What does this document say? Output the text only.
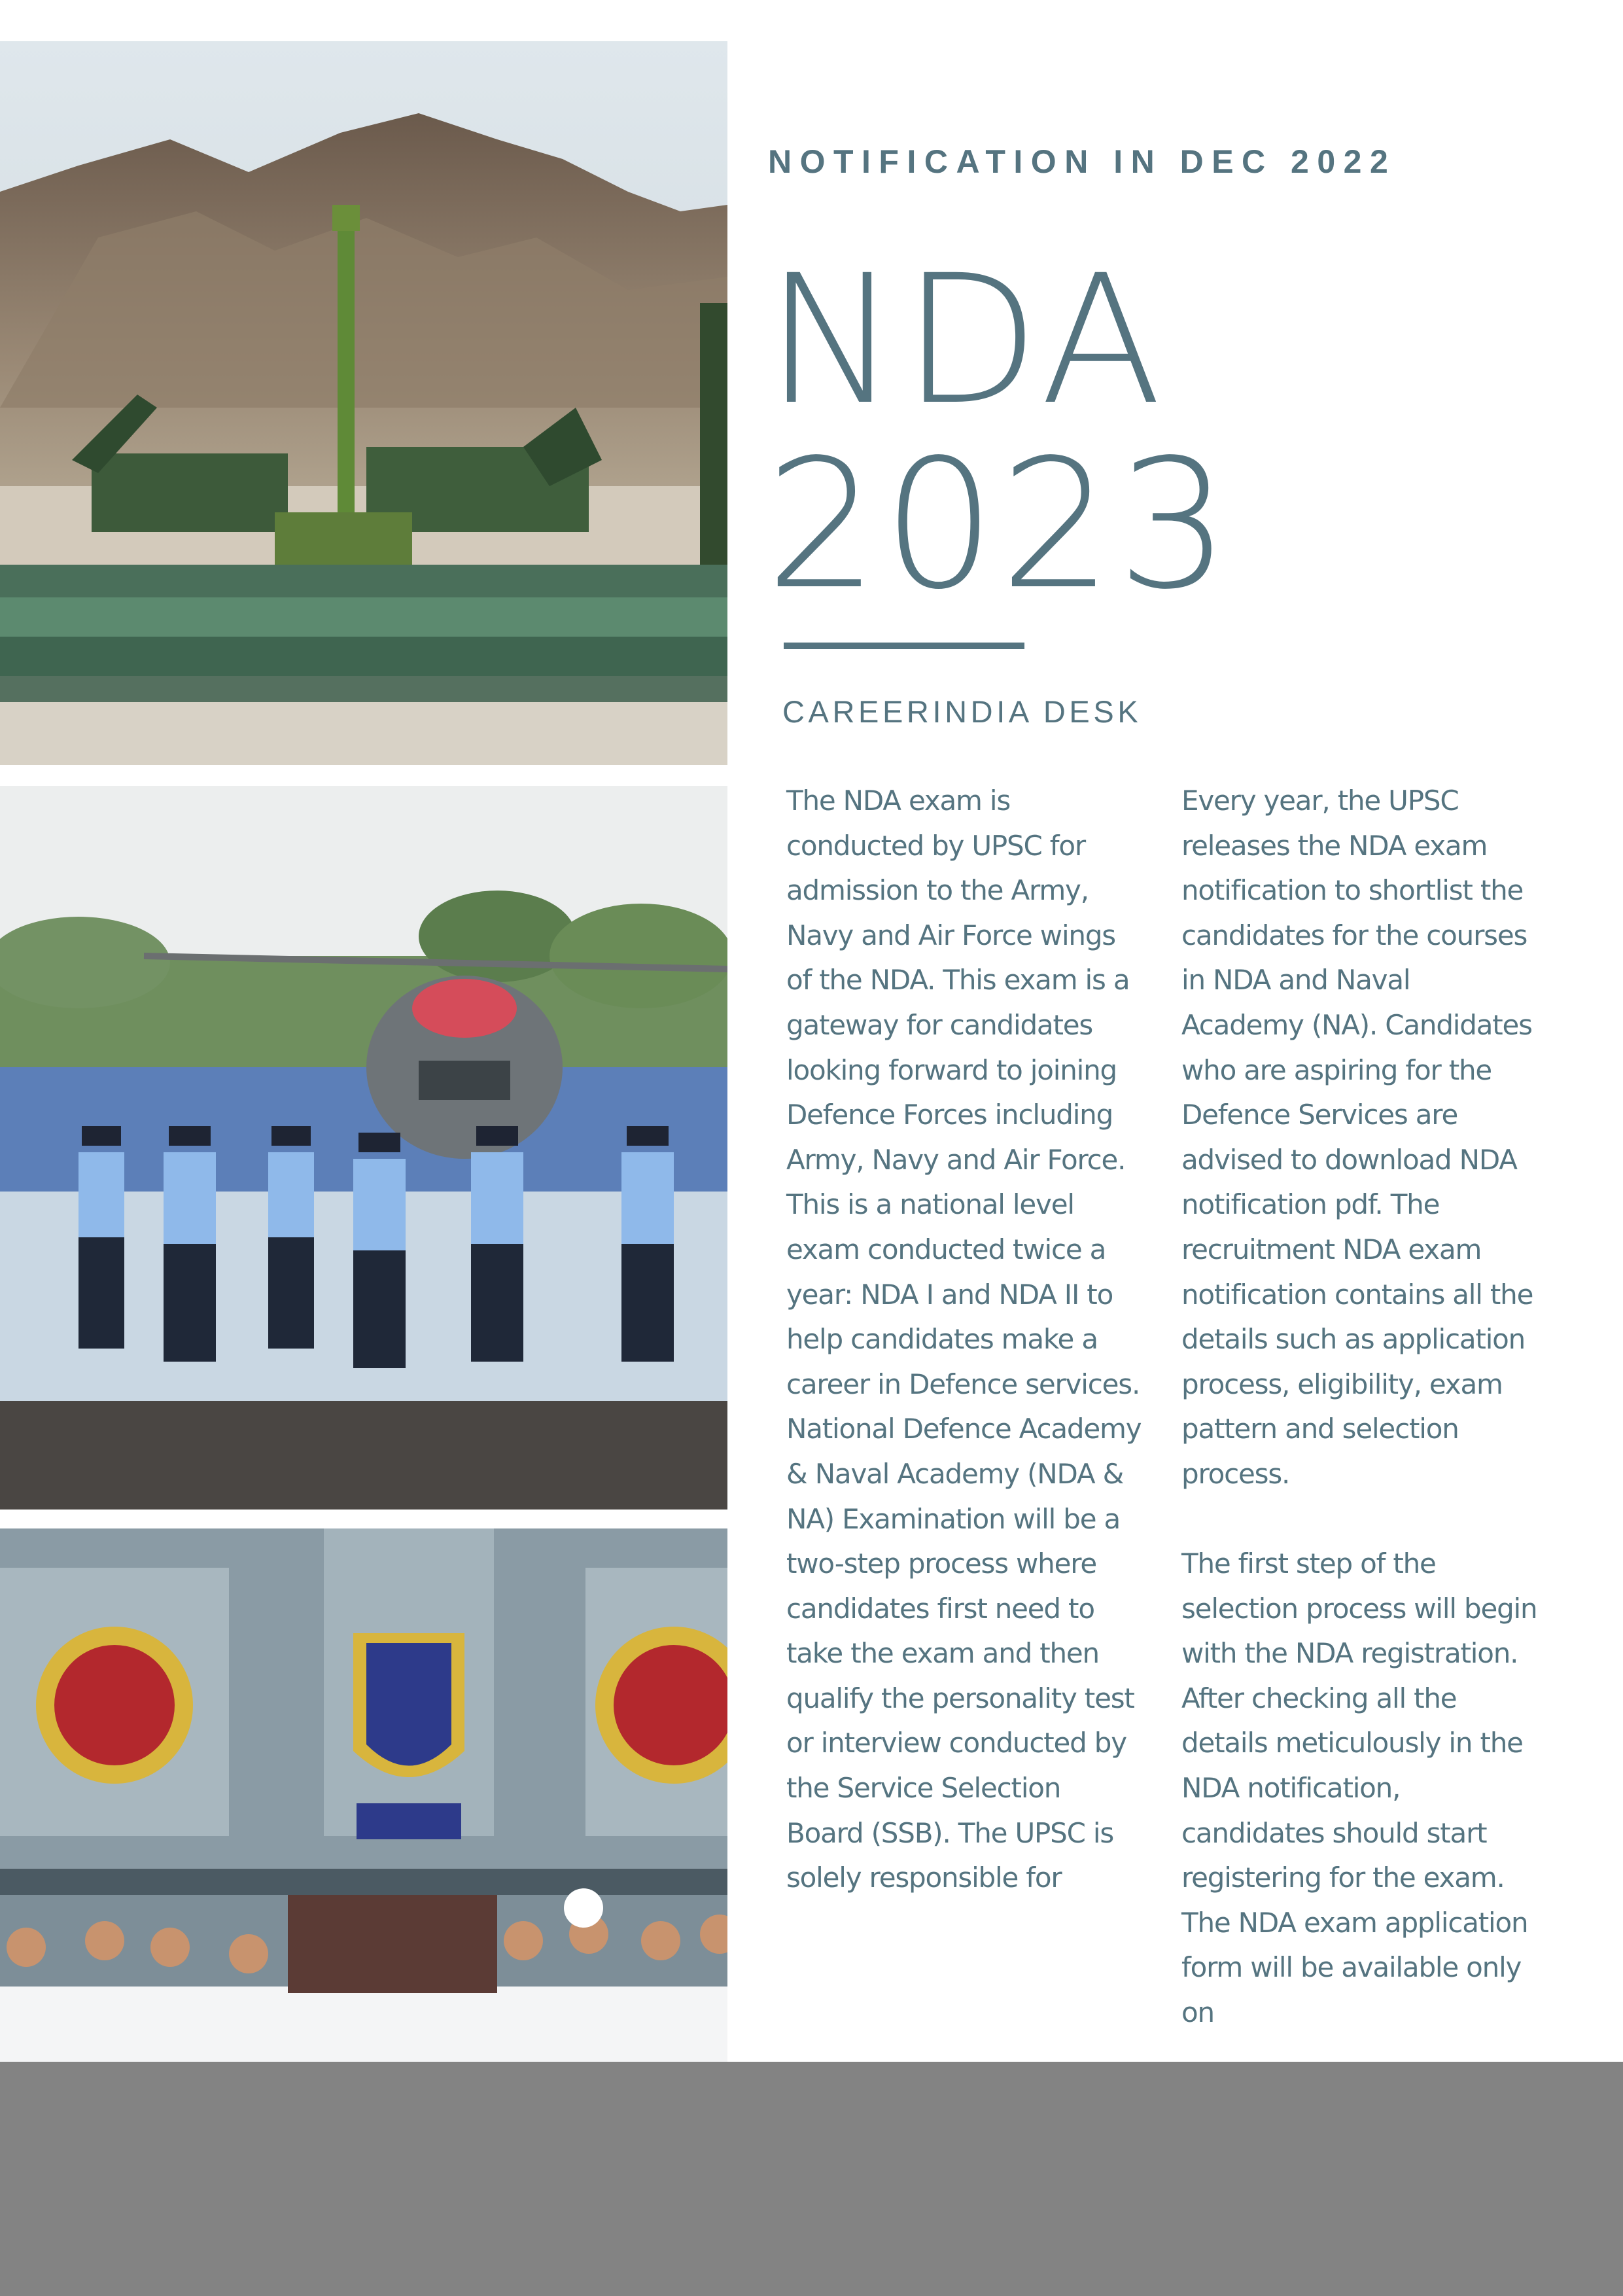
NOTIFICATION IN DEC 2022

NDA
2023

CAREERINDIA DESK

The NDA exam is conducted by UPSC for admission to the Army, Navy and Air Force wings of the NDA. This exam is a gateway for candidates looking forward to joining Defence Forces including Army, Navy and Air Force. This is a national level exam conducted twice a year: NDA I and NDA II to help candidates make a career in Defence services. National Defence Academy & Naval Academy (NDA & NA) Examination will be a two-step process where candidates first need to take the exam and then qualify the personality test or interview conducted by the Service Selection Board (SSB). The UPSC is solely responsible for

Every year, the UPSC releases the NDA exam notification to shortlist the candidates for the courses in NDA and Naval Academy (NA). Candidates who are aspiring for the Defence Services are advised to download NDA notification pdf. The recruitment NDA exam notification contains all the details such as application process, eligibility, exam pattern and selection process.

The first step of the selection process will begin with the NDA registration. After checking all the details meticulously in the NDA notification, candidates should start registering for the exam. The NDA exam application form will be available only on
